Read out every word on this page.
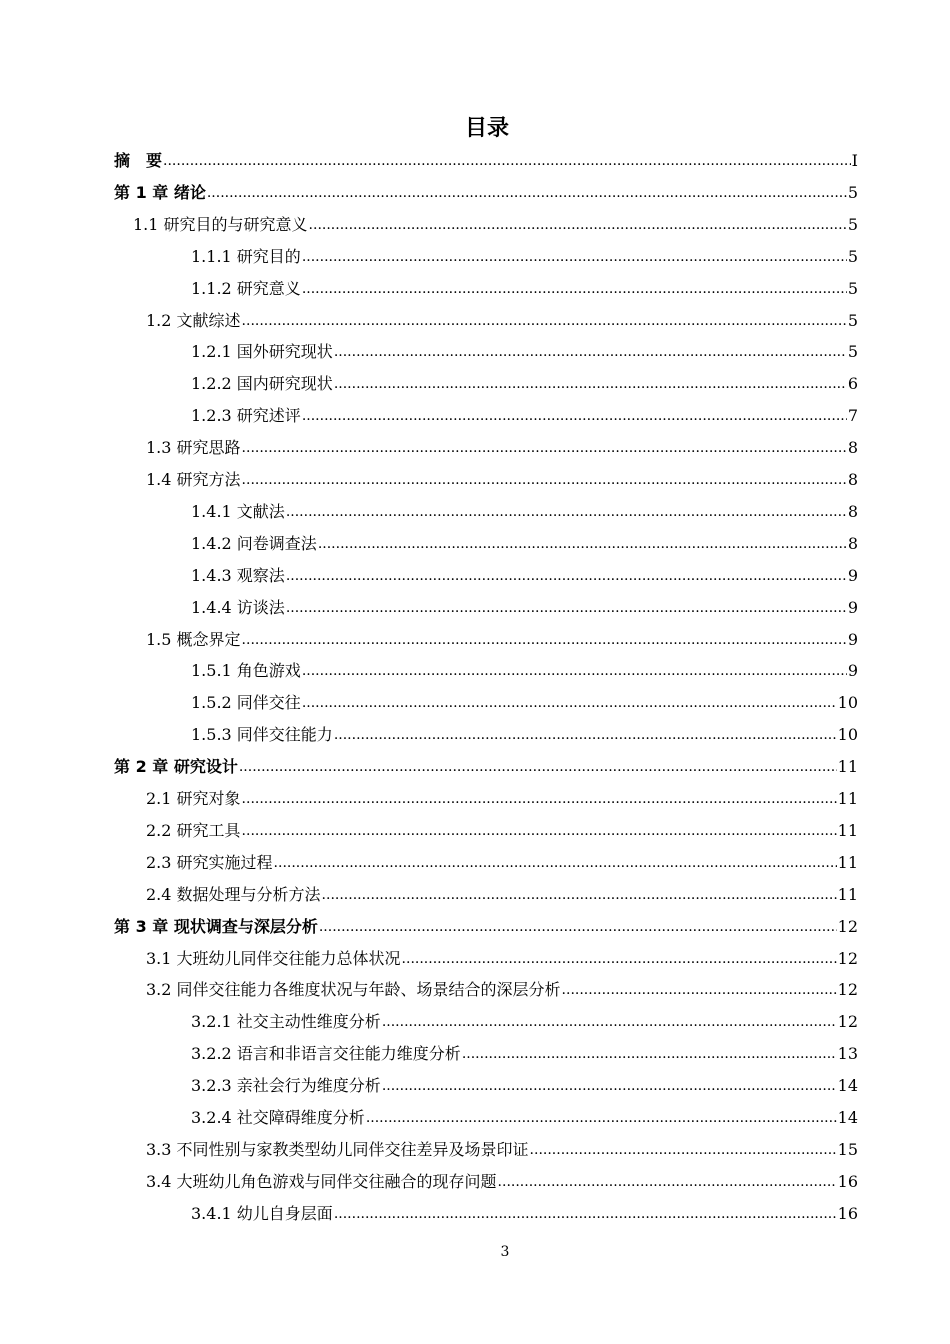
目录
摘　要 .....	I
第 1 章 绪论 .....	5
1.1 研究目的与研究意义 .....	5
1.1.1 研究目的 .....	5
1.1.2 研究意义 .....	5
1.2 文献综述 .....	5
1.2.1 国外研究现状 .....	5
1.2.2 国内研究现状 .....	6
1.2.3 研究述评 .....	7
1.3 研究思路 .....	8
1.4 研究方法 .....	8
1.4.1 文献法 .....	8
1.4.2 问卷调查法 .....	8
1.4.3 观察法 .....	9
1.4.4 访谈法 .....	9
1.5 概念界定 .....	9
1.5.1 角色游戏 .....	9
1.5.2 同伴交往 .....	10
1.5.3 同伴交往能力 .....	10
第 2 章 研究设计 .....	11
2.1 研究对象 .....	11
2.2 研究工具 .....	11
2.3 研究实施过程 .....	11
2.4 数据处理与分析方法 .....	11
第 3 章 现状调查与深层分析 .....	12
3.1 大班幼儿同伴交往能力总体状况 .....	12
3.2 同伴交往能力各维度状况与年龄、场景结合的深层分析 .....	12
3.2.1 社交主动性维度分析 .....	12
3.2.2 语言和非语言交往能力维度分析 .....	13
3.2.3 亲社会行为维度分析 .....	14
3.2.4 社交障碍维度分析 .....	14
3.3 不同性别与家教类型幼儿同伴交往差异及场景印证 .....	15
3.4 大班幼儿角色游戏与同伴交往融合的现存问题 .....	16
3.4.1 幼儿自身层面 .....	16
3
